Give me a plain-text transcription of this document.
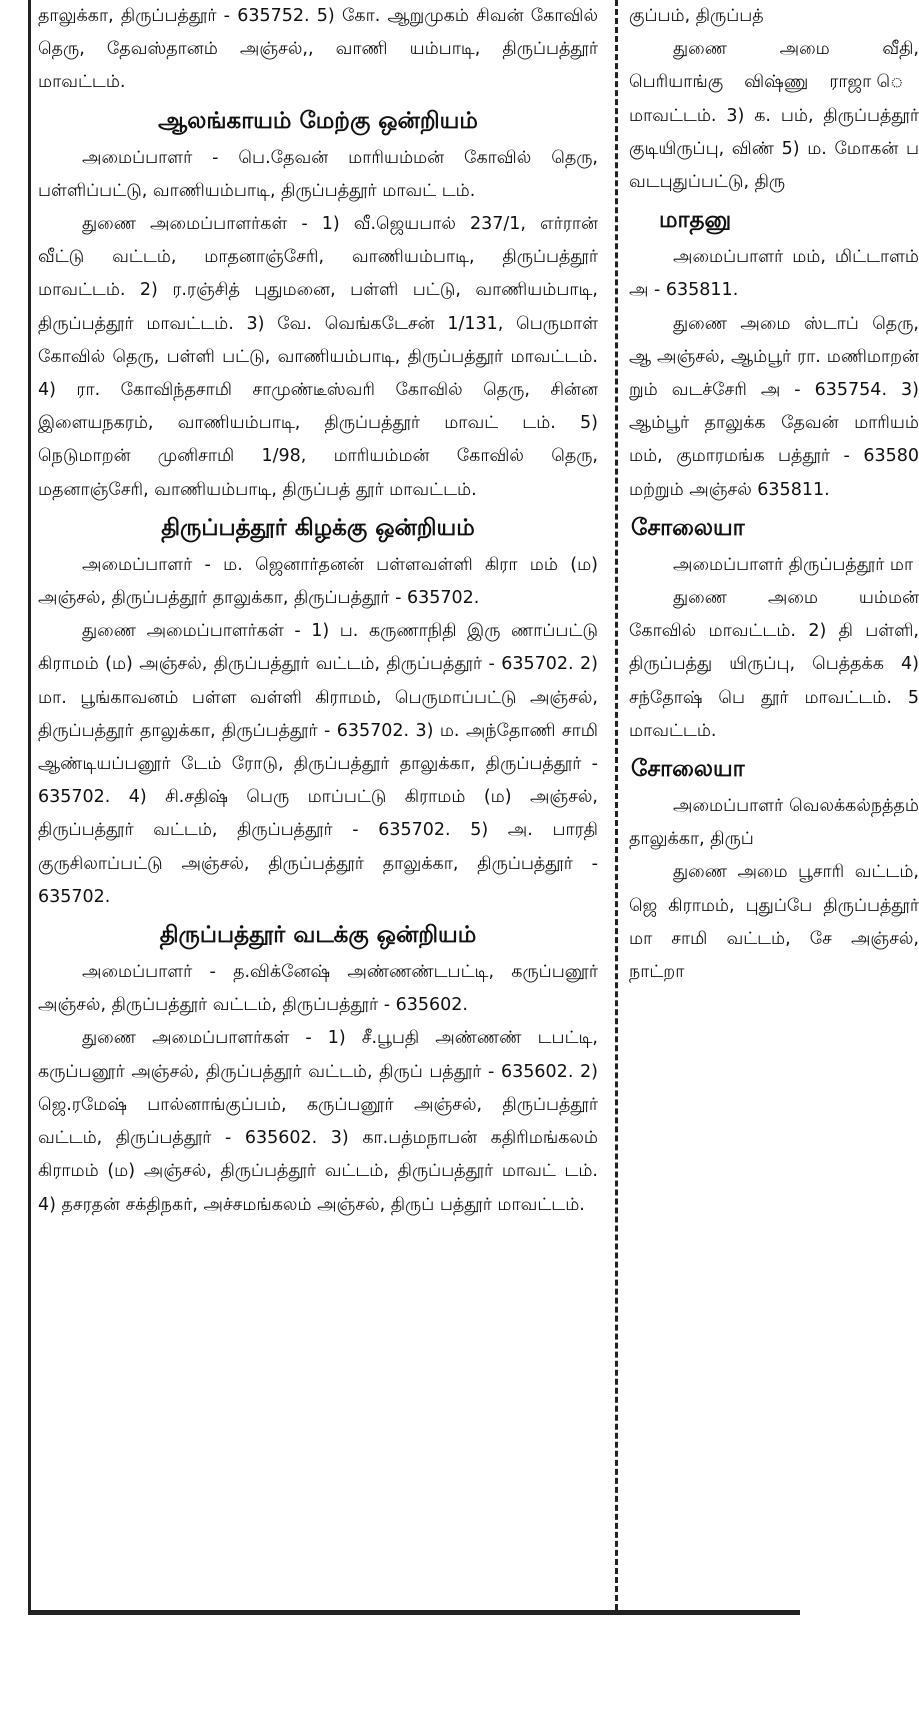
தாலுக்கா, திருப்பத்தூர் - 635752. 5) கோ. ஆறுமுகம் சிவன் கோவில் தெரு, தேவஸ்தானம் அஞ்சல்,, வாணி யம்பாடி, திருப்பத்தூர் மாவட்டம்.

ஆலங்காயம் மேற்கு ஒன்றியம்

அமைப்பாளர் - பெ.தேவன் மாரியம்மன் கோவில் தெரு, பள்ளிப்பட்டு, வாணியம்பாடி, திருப்பத்தூர் மாவட் டம்.

துணை அமைப்பாளர்கள் - 1) வீ.ஜெயபால் 237/1, எர்ரான் வீட்டு வட்டம், மாதனாஞ்சேரி, வாணியம்பாடி, திருப்பத்தூர் மாவட்டம். 2) ர.ரஞ்சித் புதுமனை, பள்ளி பட்டு, வாணியம்பாடி, திருப்பத்தூர் மாவட்டம். 3) வே. வெங்கடேசன் 1/131, பெருமாள் கோவில் தெரு, பள்ளி பட்டு, வாணியம்பாடி, திருப்பத்தூர் மாவட்டம். 4) ரா. கோவிந்தசாமி சாமுண்டீஸ்வரி கோவில் தெரு, சின்ன இளையநகரம், வாணியம்பாடி, திருப்பத்தூர் மாவட் டம். 5) நெடுமாறன் முனிசாமி 1/98, மாரியம்மன் கோவில் தெரு, மதனாஞ்சேரி, வாணியம்பாடி, திருப்பத் தூர் மாவட்டம்.

திருப்பத்தூர் கிழக்கு ஒன்றியம்

அமைப்பாளர் - ம. ஜெனார்தனன் பள்ளவள்ளி கிரா மம் (ம) அஞ்சல், திருப்பத்தூர் தாலுக்கா, திருப்பத்தூர் - 635702.

துணை அமைப்பாளர்கள் - 1) ப. கருணாநிதி இரு ணாப்பட்டு கிராமம் (ம) அஞ்சல், திருப்பத்தூர் வட்டம், திருப்பத்தூர் - 635702. 2) மா. பூங்காவனம் பள்ள வள்ளி கிராமம், பெருமாப்பட்டு அஞ்சல், திருப்பத்தூர் தாலுக்கா, திருப்பத்தூர் - 635702. 3) ம. அந்தோணி சாமி ஆண்டியப்பனூர் டேம் ரோடு, திருப்பத்தூர் தாலுக்கா, திருப்பத்தூர் - 635702. 4) சி.சதிஷ் பெரு மாப்பட்டு கிராமம் (ம) அஞ்சல், திருப்பத்தூர் வட்டம், திருப்பத்தூர் - 635702. 5) அ. பாரதி குருசிலாப்பட்டு அஞ்சல், திருப்பத்தூர் தாலுக்கா, திருப்பத்தூர் - 635702.

திருப்பத்தூர் வடக்கு ஒன்றியம்

அமைப்பாளர் - த.விக்னேஷ் அண்ணண்டபட்டி, கருப்பனூர் அஞ்சல், திருப்பத்தூர் வட்டம், திருப்பத்தூர் - 635602.

துணை அமைப்பாளர்கள் - 1) சீ.பூபதி அண்ணண் டபட்டி, கருப்பனூர் அஞ்சல், திருப்பத்தூர் வட்டம், திருப் பத்தூர் - 635602. 2) ஜெ.ரமேஷ் பால்னாங்குப்பம், கருப்பனூர் அஞ்சல், திருப்பத்தூர் வட்டம், திருப்பத்தூர் - 635602. 3) கா.பத்மநாபன் கதிரிமங்கலம் கிராமம் (ம) அஞ்சல், திருப்பத்தூர் வட்டம், திருப்பத்தூர் மாவட் டம். 4) தசரதன் சக்திநகர், அச்சமங்கலம் அஞ்சல், திருப் பத்தூர் மாவட்டம்.

குப்பம், திருப்பத்

துணை அமை வீதி, பெரியாங்கு விஷ்ணு ராஜா ெ மாவட்டம். 3) க. பம், திருப்பத்தூர் குடியிருப்பு, விண் 5) ம. மோகன் ப வடபுதுப்பட்டு, திரு

மாதனு

அமைப்பாளர் மம், மிட்டாளம் அ - 635811.

துணை அமை ஸ்டாப் தெரு, ஆ அஞ்சல், ஆம்பூர் ரா. மணிமாறன் றும் வடச்சேரி அ - 635754. 3) ஆம்பூர் தாலுக்க தேவன் மாரியம் மம், குமாரமங்க பத்தூர் - 63580 மற்றும் அஞ்சல் 635811.

சோலையா

அமைப்பாளர் திருப்பத்தூர் மா

துணை அமை யம்மன் கோவில் மாவட்டம். 2) தி பள்ளி, திருப்பத்து யிருப்பு, பெத்தக்க 4) சந்தோஷ் பெ தூர் மாவட்டம். 5 மாவட்டம்.

சோலையா

அமைப்பாளர் வெலக்கல்நத்தம் தாலுக்கா, திருப்

துணை அமை பூசாரி வட்டம், ஜெ கிராமம், புதுப்பே திருப்பத்தூர் மா சாமி வட்டம், சே அஞ்சல், நாட்றா
